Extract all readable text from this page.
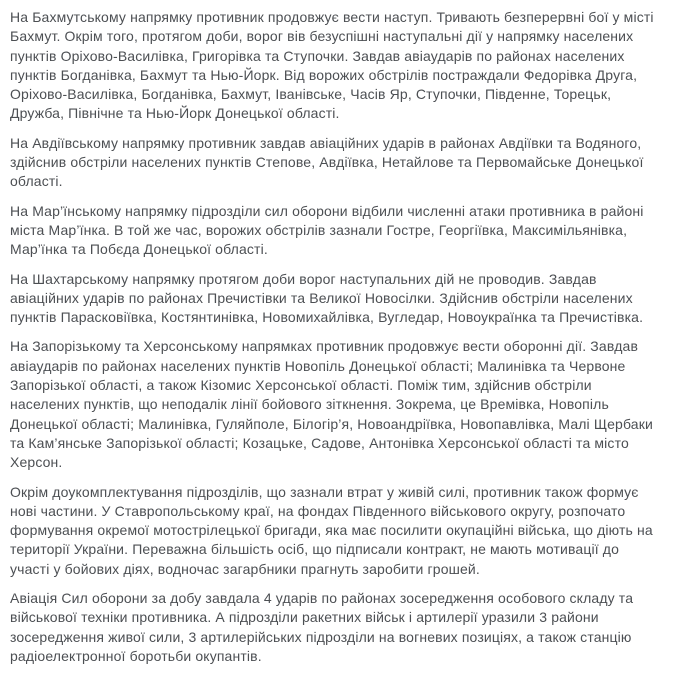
На Бахмутському напрямку противник продовжує вести наступ. Тривають безперервні бої у місті Бахмут. Окрім того, протягом доби, ворог вів безуспішні наступальні дії у напрямку населених пунктів Оріхово-Василівка, Григорівка та Ступочки. Завдав авіаударів по районах населених пунктів Богданівка, Бахмут та Нью-Йорк. Від ворожих обстрілів постраждали Федорівка Друга, Оріхово-Василівка, Богданівка, Бахмут, Іванівське, Часів Яр, Ступочки, Південне, Торецьк, Дружба, Північне та Нью-Йорк Донецької області.

На Авдіївському напрямку противник завдав авіаційних ударів в районах Авдіївки та Водяного, здійснив обстріли населених пунктів Степове, Авдіївка, Нетайлове та Первомайське Донецької області.

На Мар’їнському напрямку підрозділи сил оборони відбили численні атаки противника в районі міста Мар’їнка. В той же час, ворожих обстрілів зазнали Гостре, Георгіївка, Максимільянівка, Мар’їнка та Побєда Донецької області.

На Шахтарському напрямку протягом доби ворог наступальних дій не проводив. Завдав авіаційних ударів по районах Пречистівки та Великої Новосілки. Здійснив обстріли населених пунктів Парасковіївка, Костянтинівка, Новомихайлівка, Вугледар, Новоукраїнка та Пречистівка.

На Запорізькому та Херсонському напрямках противник продовжує вести оборонні дії. Завдав авіаударів по районах населених пунктів Новопіль Донецької області; Малинівка та Червоне Запорізької області, а також Кізомис Херсонської області. Поміж тим, здійснив обстріли населених пунктів, що неподалік лінії бойового зіткнення. Зокрема, це Времівка, Новопіль Донецької області; Малинівка, Гуляйполе, Білогір’я, Новоандріївка, Новопавлівка, Малі Щербаки та Кам’янське Запорізької області; Козацьке, Садове, Антонівка Херсонської області та місто Херсон.

Окрім доукомплектування підрозділів, що зазнали втрат у живій силі, противник також формує нові частини. У Ставропольському краї, на фондах Південного військового округу, розпочато формування окремої мотострілецької бригади, яка має посилити окупаційні війська, що діють на території України. Переважна більшість осіб, що підписали контракт, не мають мотивації до участі у бойових діях, водночас загарбники прагнуть заробити грошей.

Авіація Сил оборони за добу завдала 4 ударів по районах зосередження особового складу та військової техніки противника. А підрозділи ракетних військ і артилерії уразили 3 райони зосередження живої сили, 3 артилерійських підрозділи на вогневих позиціях, а також станцію радіоелектронної боротьби окупантів.
